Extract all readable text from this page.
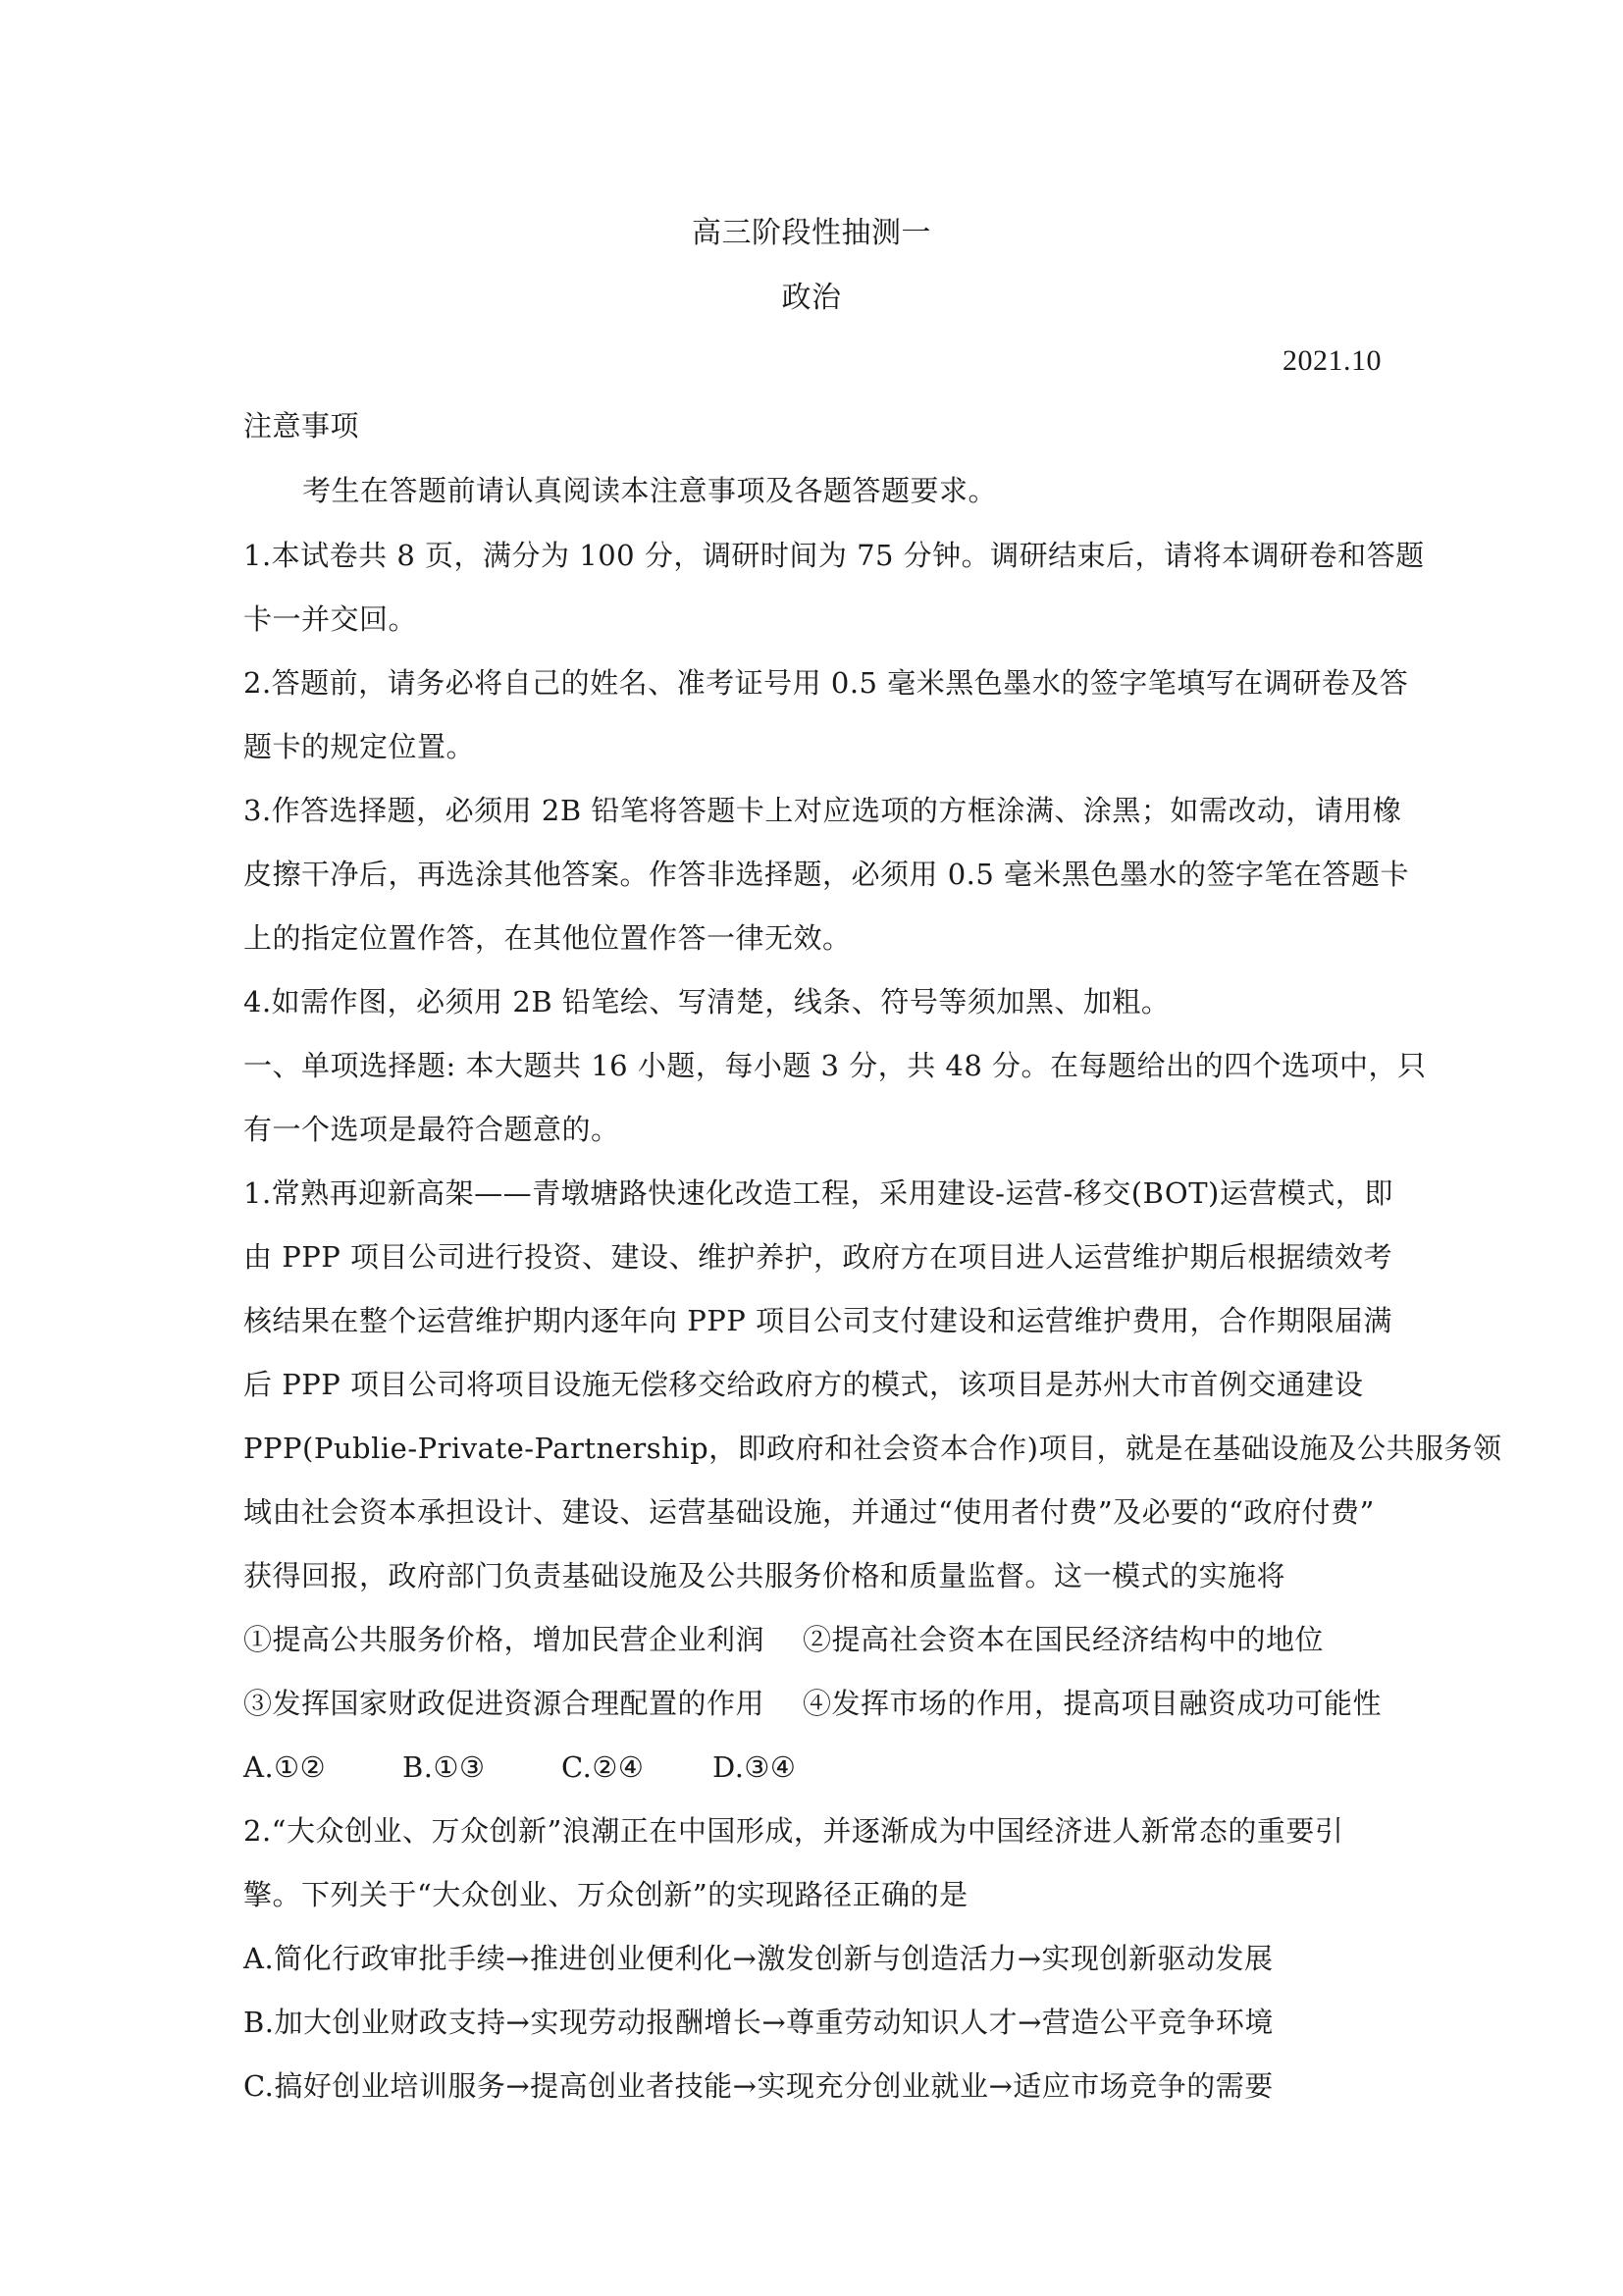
高三阶段性抽测一
政治
2021.10
注意事项
考生在答题前请认真阅读本注意事项及各题答题要求。
1.本试卷共 8 页，满分为 100 分，调研时间为 75 分钟。调研结束后，请将本调研卷和答题
卡一并交回。
2.答题前，请务必将自己的姓名、准考证号用 0.5 毫米黑色墨水的签字笔填写在调研卷及答
题卡的规定位置。
3.作答选择题，必须用 2B 铅笔将答题卡上对应选项的方框涂满、涂黑；如需改动，请用橡
皮擦干净后，再选涂其他答案。作答非选择题，必须用 0.5 毫米黑色墨水的签字笔在答题卡
上的指定位置作答，在其他位置作答一律无效。
4.如需作图，必须用 2B 铅笔绘、写清楚，线条、符号等须加黑、加粗。
一、单项选择题: 本大题共 16 小题，每小题 3 分，共 48 分。在每题给出的四个选项中，只
有一个选项是最符合题意的。
1.常熟再迎新高架——青墩塘路快速化改造工程，采用建设-运营-移交(BOT)运营模式，即
由 PPP 项目公司进行投资、建设、维护养护，政府方在项目进人运营维护期后根据绩效考
核结果在整个运营维护期内逐年向 PPP 项目公司支付建设和运营维护费用，合作期限届满
后 PPP 项目公司将项目设施无偿移交给政府方的模式，该项目是苏州大市首例交通建设
PPP(Publie-Private-Partnership，即政府和社会资本合作)项目，就是在基础设施及公共服务领
域由社会资本承担设计、建设、运营基础设施，并通过“使用者付费”及必要的“政府付费”
获得回报，政府部门负责基础设施及公共服务价格和质量监督。这一模式的实施将
①提高公共服务价格，增加民营企业利润 ②提高社会资本在国民经济结构中的地位
③发挥国家财政促进资源合理配置的作用 ④发挥市场的作用，提高项目融资成功可能性
A.①②	B.①③	C.②④ D.③④
2.“大众创业、万众创新”浪潮正在中国形成，并逐渐成为中国经济进人新常态的重要引
擎。下列关于“大众创业、万众创新”的实现路径正确的是
A.简化行政审批手续→推进创业便利化→激发创新与创造活力→实现创新驱动发展
B.加大创业财政支持→实现劳动报酬增长→尊重劳动知识人才→营造公平竞争环境
C.搞好创业培训服务→提高创业者技能→实现充分创业就业→适应市场竞争的需要
